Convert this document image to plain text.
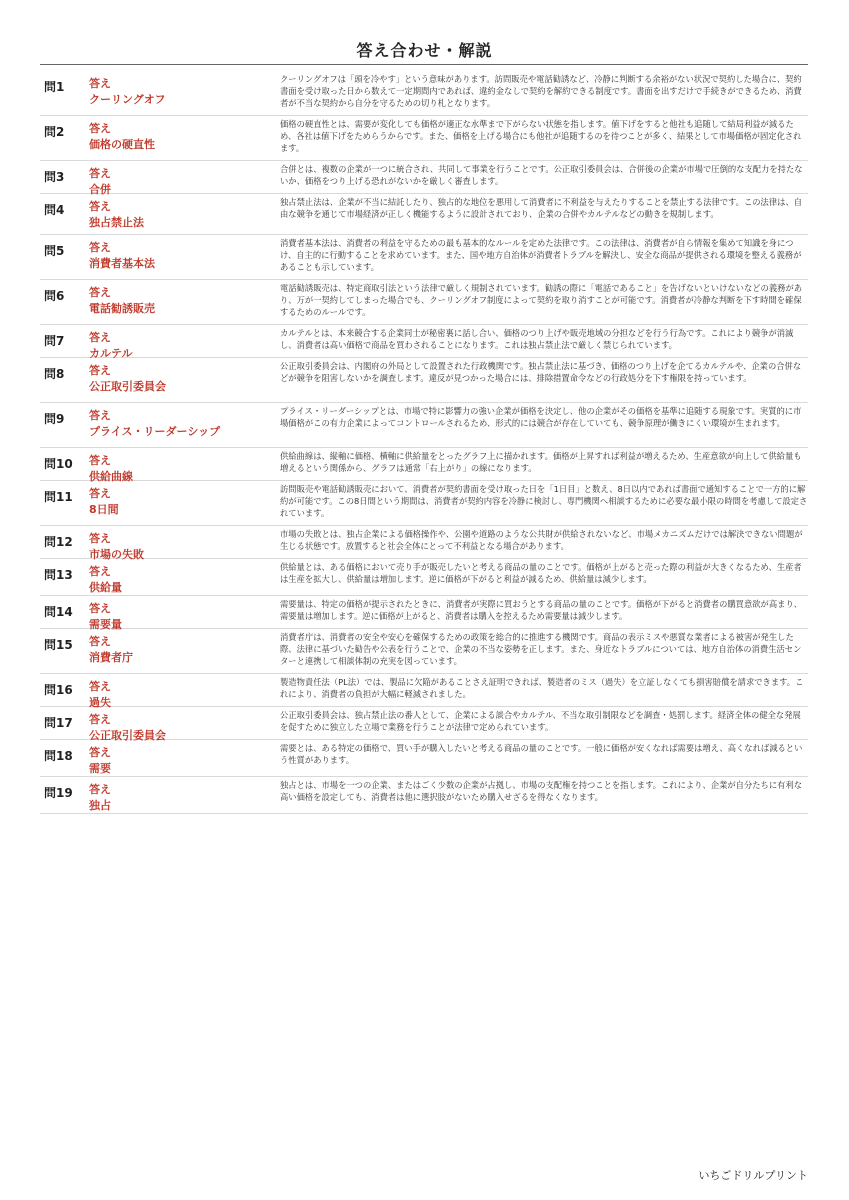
答え合わせ・解説
問1 答え
クーリングオフ
クーリングオフは「頭を冷やす」という意味があります。訪問販売や電話勧誘など、冷静に判断する余裕がない状況で契約した場合に、契約書面を受け取った日から数えて一定期間内であれば、違約金なしで契約を解約できる制度です。書面を出すだけで手続きができるため、消費者が不当な契約から自分を守るための切り札となります。
問2 答え
価格の硬直性
価格の硬直性とは、需要が変化しても価格が適正な水準まで下がらない状態を指します。値下げをすると他社も追随して結局利益が減るため、各社は値下げをためらうからです。また、価格を上げる場合にも他社が追随するのを待つことが多く、結果として市場価格が固定化されます。
問3 答え
合併
合併とは、複数の企業が一つに統合され、共同して事業を行うことです。公正取引委員会は、合併後の企業が市場で圧倒的な支配力を持たないか、価格をつり上げる恐れがないかを厳しく審査します。
問4 答え
独占禁止法
独占禁止法は、企業が不当に結託したり、独占的な地位を悪用して消費者に不利益を与えたりすることを禁止する法律です。この法律は、自由な競争を通じて市場経済が正しく機能するように設計されており、企業の合併やカルテルなどの動きを規制します。
問5 答え
消費者基本法
消費者基本法は、消費者の利益を守るための最も基本的なルールを定めた法律です。この法律は、消費者が自ら情報を集めて知識を身につけ、自主的に行動することを求めています。また、国や地方自治体が消費者トラブルを解決し、安全な商品が提供される環境を整える義務があることも示しています。
問6 答え
電話勧誘販売
電話勧誘販売は、特定商取引法という法律で厳しく規制されています。勧誘の際に「電話であること」を告げないといけないなどの義務があり、万が一契約してしまった場合でも、クーリングオフ制度によって契約を取り消すことが可能です。消費者が冷静な判断を下す時間を確保するためのルールです。
問7 答え
カルテル
カルテルとは、本来競合する企業同士が秘密裏に話し合い、価格のつり上げや販売地域の分担などを行う行為です。これにより競争が消滅し、消費者は高い価格で商品を買わされることになります。これは独占禁止法で厳しく禁じられています。
問8 答え
公正取引委員会
公正取引委員会は、内閣府の外局として設置された行政機関です。独占禁止法に基づき、価格のつり上げを企てるカルテルや、企業の合併などが競争を阻害しないかを調査します。違反が見つかった場合には、排除措置命令などの行政処分を下す権限を持っています。
問9 答え
プライス・リーダーシップ
プライス・リーダーシップとは、市場で特に影響力の強い企業が価格を決定し、他の企業がその価格を基準に追随する現象です。実質的に市場価格がこの有力企業によってコントロールされるため、形式的には競合が存在していても、競争原理が働きにくい環境が生まれます。
問10 答え
供給曲線
供給曲線は、縦軸に価格、横軸に供給量をとったグラフ上に描かれます。価格が上昇すれば利益が増えるため、生産意欲が向上して供給量も増えるという関係から、グラフは通常「右上がり」の線になります。
問11 答え
8日間
訪問販売や電話勧誘販売において、消費者が契約書面を受け取った日を「1日目」と数え、8日以内であれば書面で通知することで一方的に解約が可能です。この8日間という期間は、消費者が契約内容を冷静に検討し、専門機関へ相談するために必要な最小限の時間を考慮して設定されています。
問12 答え
市場の失敗
市場の失敗とは、独占企業による価格操作や、公園や道路のような公共財が供給されないなど、市場メカニズムだけでは解決できない問題が生じる状態です。放置すると社会全体にとって不利益となる場合があります。
問13 答え
供給量
供給量とは、ある価格において売り手が販売したいと考える商品の量のことです。価格が上がると売った際の利益が大きくなるため、生産者は生産を拡大し、供給量は増加します。逆に価格が下がると利益が減るため、供給量は減少します。
問14 答え
需要量
需要量は、特定の価格が提示されたときに、消費者が実際に買おうとする商品の量のことです。価格が下がると消費者の購買意欲が高まり、需要量は増加します。逆に価格が上がると、消費者は購入を控えるため需要量は減少します。
問15 答え
消費者庁
消費者庁は、消費者の安全や安心を確保するための政策を総合的に推進する機関です。商品の表示ミスや悪質な業者による被害が発生した際、法律に基づいた勧告や公表を行うことで、企業の不当な姿勢を正します。また、身近なトラブルについては、地方自治体の消費生活センターと連携して相談体制の充実を図っています。
問16 答え
過失
製造物責任法（PL法）では、製品に欠陥があることさえ証明できれば、製造者のミス（過失）を立証しなくても損害賠償を請求できます。これにより、消費者の負担が大幅に軽減されました。
問17 答え
公正取引委員会
公正取引委員会は、独占禁止法の番人として、企業による談合やカルテル、不当な取引制限などを調査・処罰します。経済全体の健全な発展を促すために独立した立場で業務を行うことが法律で定められています。
問18 答え
需要
需要とは、ある特定の価格で、買い手が購入したいと考える商品の量のことです。一般に価格が安くなれば需要は増え、高くなれば減るという性質があります。
問19 答え
独占
独占とは、市場を一つの企業、またはごく少数の企業が占拠し、市場の支配権を持つことを指します。これにより、企業が自分たちに有利な高い価格を設定しても、消費者は他に選択肢がないため購入せざるを得なくなります。
いちごドリルプリント
